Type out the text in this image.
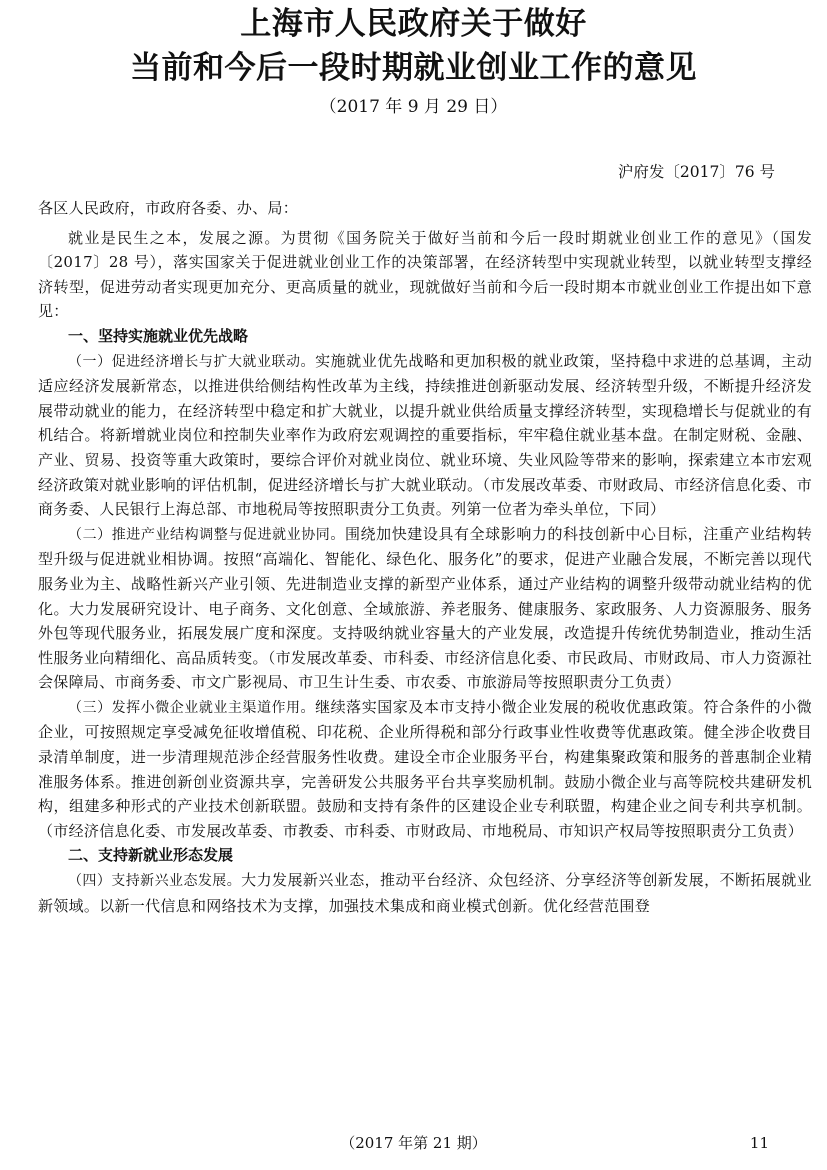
上海市人民政府关于做好
当前和今后一段时期就业创业工作的意见
（2017 年 9 月 29 日）
沪府发〔2017〕76 号

各区人民政府，市政府各委、办、局：

就业是民生之本，发展之源。为贯彻《国务院关于做好当前和今后一段时期就业创业工作的意见》（国发〔2017〕28 号），落实国家关于促进就业创业工作的决策部署，在经济转型中实现就业转型，以就业转型支撑经济转型，促进劳动者实现更加充分、更高质量的就业，现就做好当前和今后一段时期本市就业创业工作提出如下意见：

一、坚持实施就业优先战略

（一）促进经济增长与扩大就业联动。实施就业优先战略和更加积极的就业政策，坚持稳中求进的总基调，主动适应经济发展新常态，以推进供给侧结构性改革为主线，持续推进创新驱动发展、经济转型升级，不断提升经济发展带动就业的能力，在经济转型中稳定和扩大就业，以提升就业供给质量支撑经济转型，实现稳增长与促就业的有机结合。将新增就业岗位和控制失业率作为政府宏观调控的重要指标，牢牢稳住就业基本盘。在制定财税、金融、产业、贸易、投资等重大政策时，要综合评价对就业岗位、就业环境、失业风险等带来的影响，探索建立本市宏观经济政策对就业影响的评估机制，促进经济增长与扩大就业联动。（市发展改革委、市财政局、市经济信息化委、市商务委、人民银行上海总部、市地税局等按照职责分工负责。列第一位者为牵头单位，下同）

（二）推进产业结构调整与促进就业协同。围绕加快建设具有全球影响力的科技创新中心目标，注重产业结构转型升级与促进就业相协调。按照“高端化、智能化、绿色化、服务化”的要求，促进产业融合发展，不断完善以现代服务业为主、战略性新兴产业引领、先进制造业支撑的新型产业体系，通过产业结构的调整升级带动就业结构的优化。大力发展研究设计、电子商务、文化创意、全域旅游、养老服务、健康服务、家政服务、人力资源服务、服务外包等现代服务业，拓展发展广度和深度。支持吸纳就业容量大的产业发展，改造提升传统优势制造业，推动生活性服务业向精细化、高品质转变。（市发展改革委、市科委、市经济信息化委、市民政局、市财政局、市人力资源社会保障局、市商务委、市文广影视局、市卫生计生委、市农委、市旅游局等按照职责分工负责）

（三）发挥小微企业就业主渠道作用。继续落实国家及本市支持小微企业发展的税收优惠政策。符合条件的小微企业，可按照规定享受减免征收增值税、印花税、企业所得税和部分行政事业性收费等优惠政策。健全涉企收费目录清单制度，进一步清理规范涉企经营服务性收费。建设全市企业服务平台，构建集聚政策和服务的普惠制企业精准服务体系。推进创新创业资源共享，完善研发公共服务平台共享奖励机制。鼓励小微企业与高等院校共建研发机构，组建多种形式的产业技术创新联盟。鼓励和支持有条件的区建设企业专利联盟，构建企业之间专利共享机制。（市经济信息化委、市发展改革委、市教委、市科委、市财政局、市地税局、市知识产权局等按照职责分工负责）

二、支持新就业形态发展

（四）支持新兴业态发展。大力发展新兴业态，推动平台经济、众包经济、分享经济等创新发展，不断拓展就业新领域。以新一代信息和网络技术为支撑，加强技术集成和商业模式创新。优化经营范围登

（2017 年第 21 期）	11
